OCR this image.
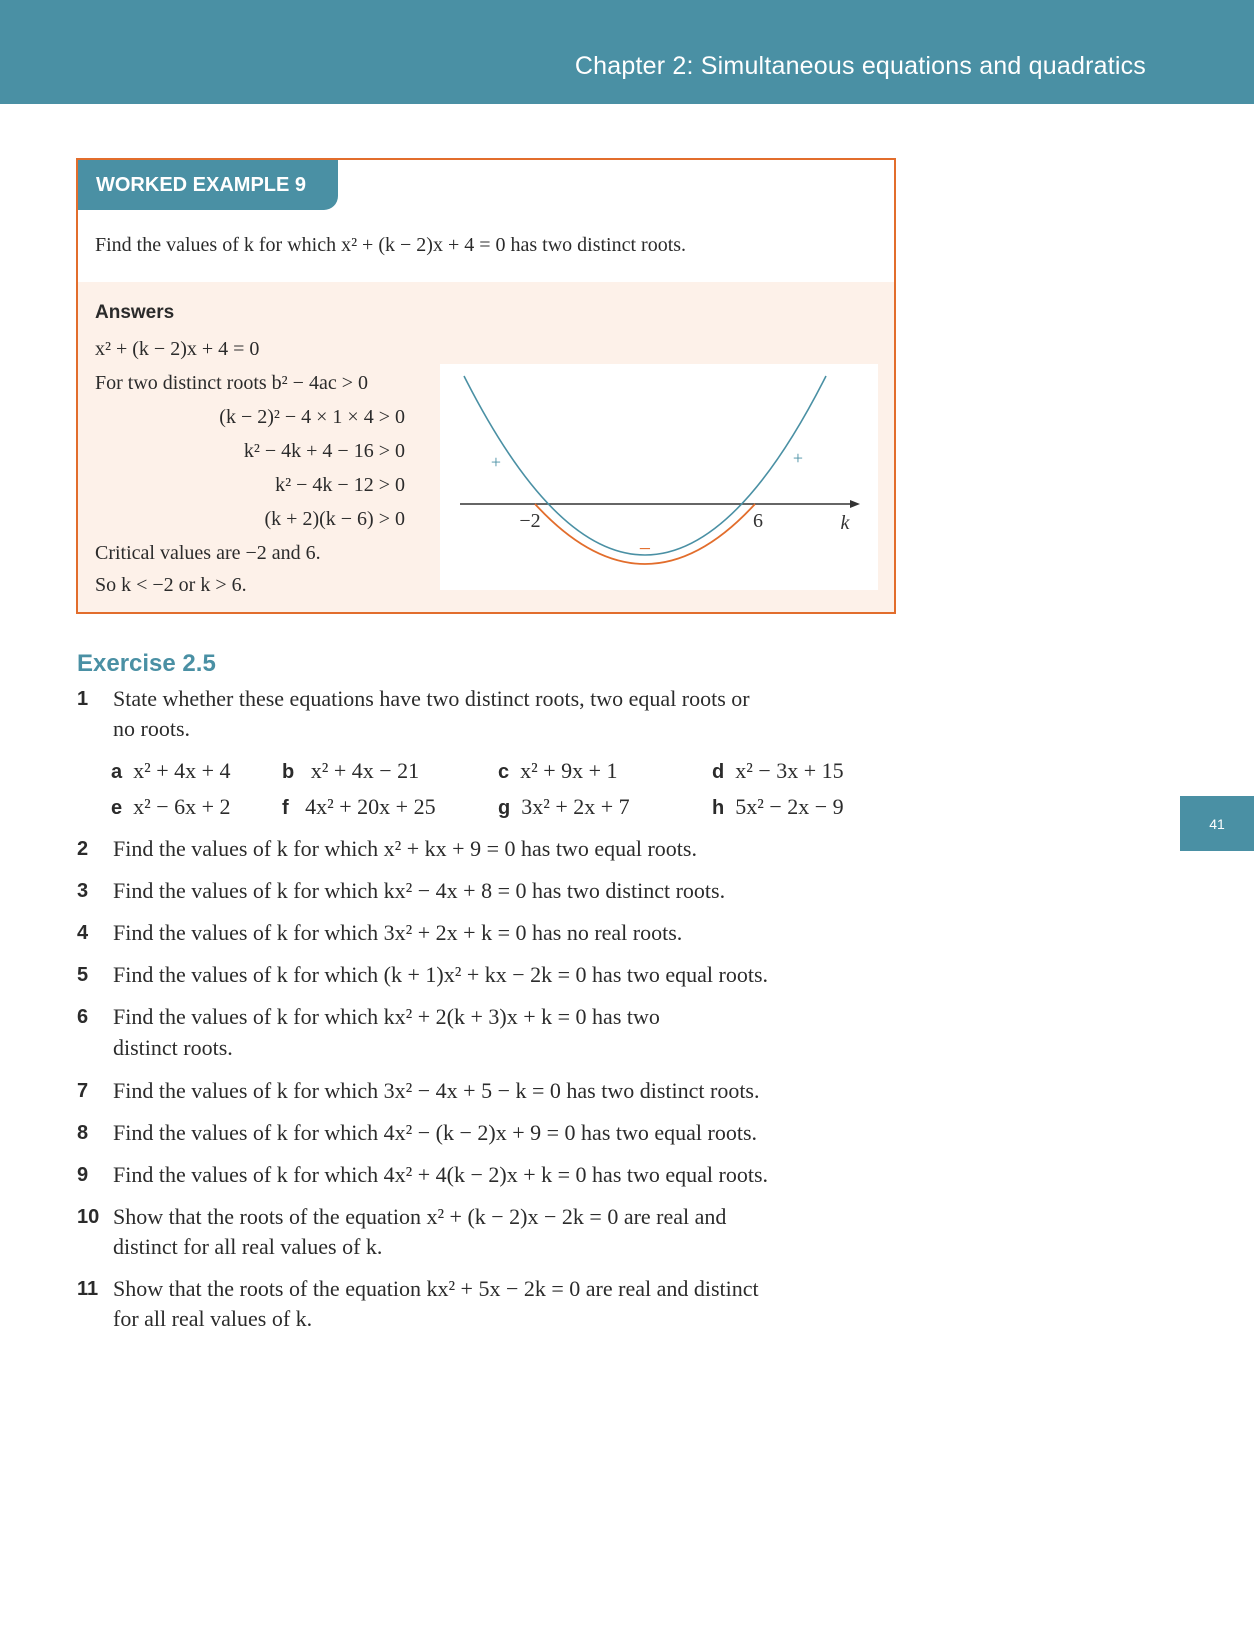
Chapter 2: Simultaneous equations and quadratics
WORKED EXAMPLE 9
Find the values of k for which x² + (k − 2)x + 4 = 0 has two distinct roots.
Answers
x² + (k − 2)x + 4 = 0
For two distinct roots b² − 4ac > 0
(k − 2)² − 4 × 1 × 4 > 0
k² − 4k + 4 − 16 > 0
k² − 4k − 12 > 0
(k + 2)(k − 6) > 0
Critical values are −2 and 6.
So k < −2 or k > 6.
−2	6	k
+	+
−
Exercise 2.5
1 State whether these equations have two distinct roots, two equal roots or
no roots.
a x² + 4x + 4	b x² + 4x − 21	c x² + 9x + 1	d x² − 3x + 15
e x² − 6x + 2	f 4x² + 20x + 25	g 3x² + 2x + 7	h 5x² − 2x − 9
2 Find the values of k for which x² + kx + 9 = 0 has two equal roots.
3 Find the values of k for which kx² − 4x + 8 = 0 has two distinct roots.
4 Find the values of k for which 3x² + 2x + k = 0 has no real roots.
5 Find the values of k for which (k + 1)x² + kx − 2k = 0 has two equal roots.
6 Find the values of k for which kx² + 2(k + 3)x + k = 0 has two
distinct roots.
7 Find the values of k for which 3x² − 4x + 5 − k = 0 has two distinct roots.
8 Find the values of k for which 4x² − (k − 2)x + 9 = 0 has two equal roots.
9 Find the values of k for which 4x² + 4(k − 2)x + k = 0 has two equal roots.
10 Show that the roots of the equation x² + (k − 2)x − 2k = 0 are real and
distinct for all real values of k.
11 Show that the roots of the equation kx² + 5x − 2k = 0 are real and distinct
for all real values of k.
41
